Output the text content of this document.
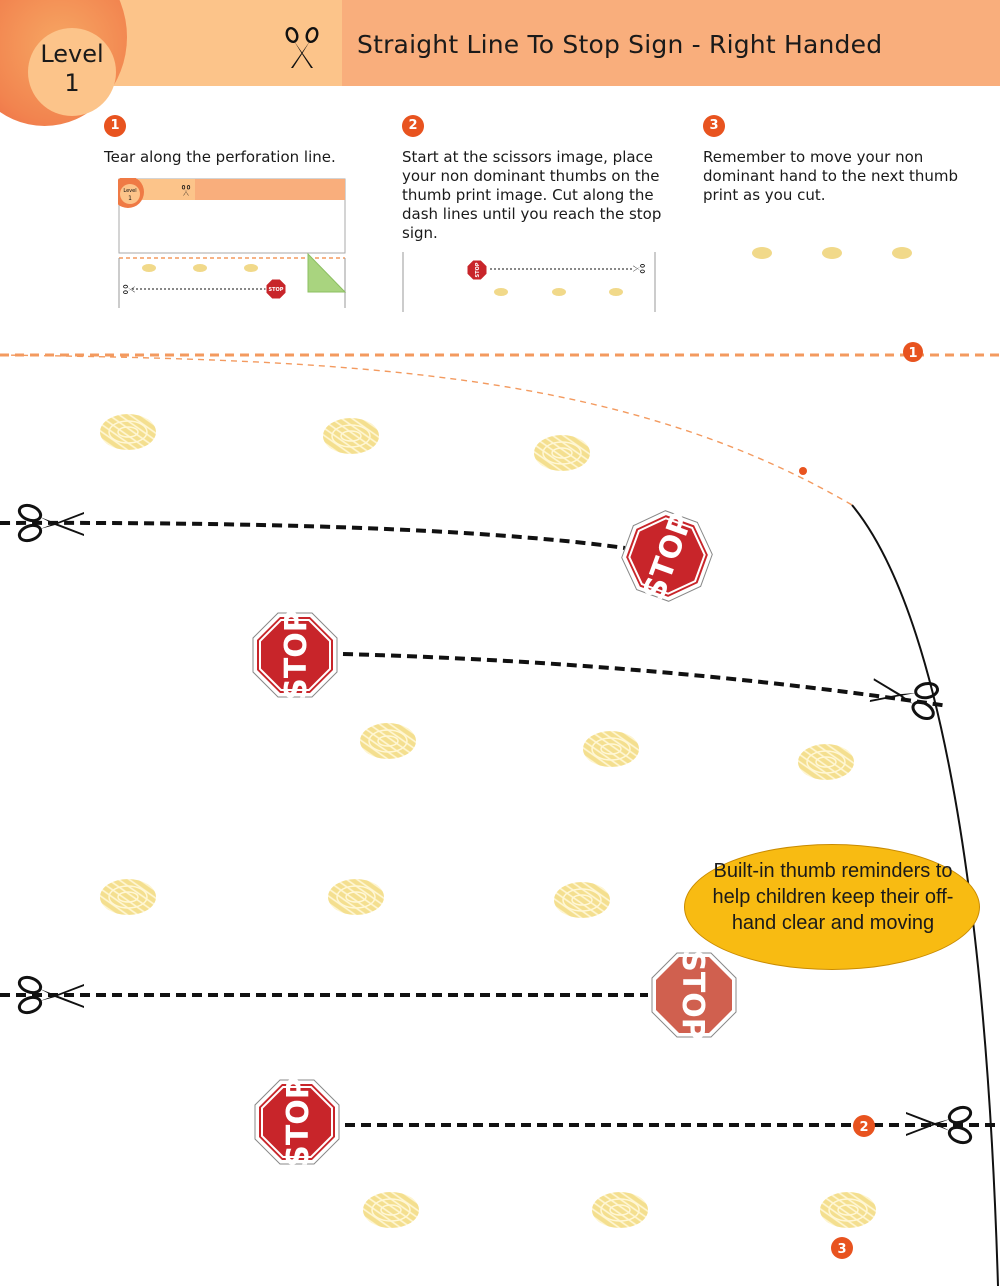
Level
1
Straight Line To Stop Sign - Right Handed
1
Tear along the perforation line.
Level
1
STOP
2
Start at the scissors image, place your non dominant thumbs on the thumb print image. Cut along the dash lines until you reach the stop sign.
STOP
3
Remember to move your non dominant hand to the next thumb print as you cut.
STOP
STOP
STOP
STOP
1
2
3
Built-in thumb reminders to help children keep their off-hand clear and moving
